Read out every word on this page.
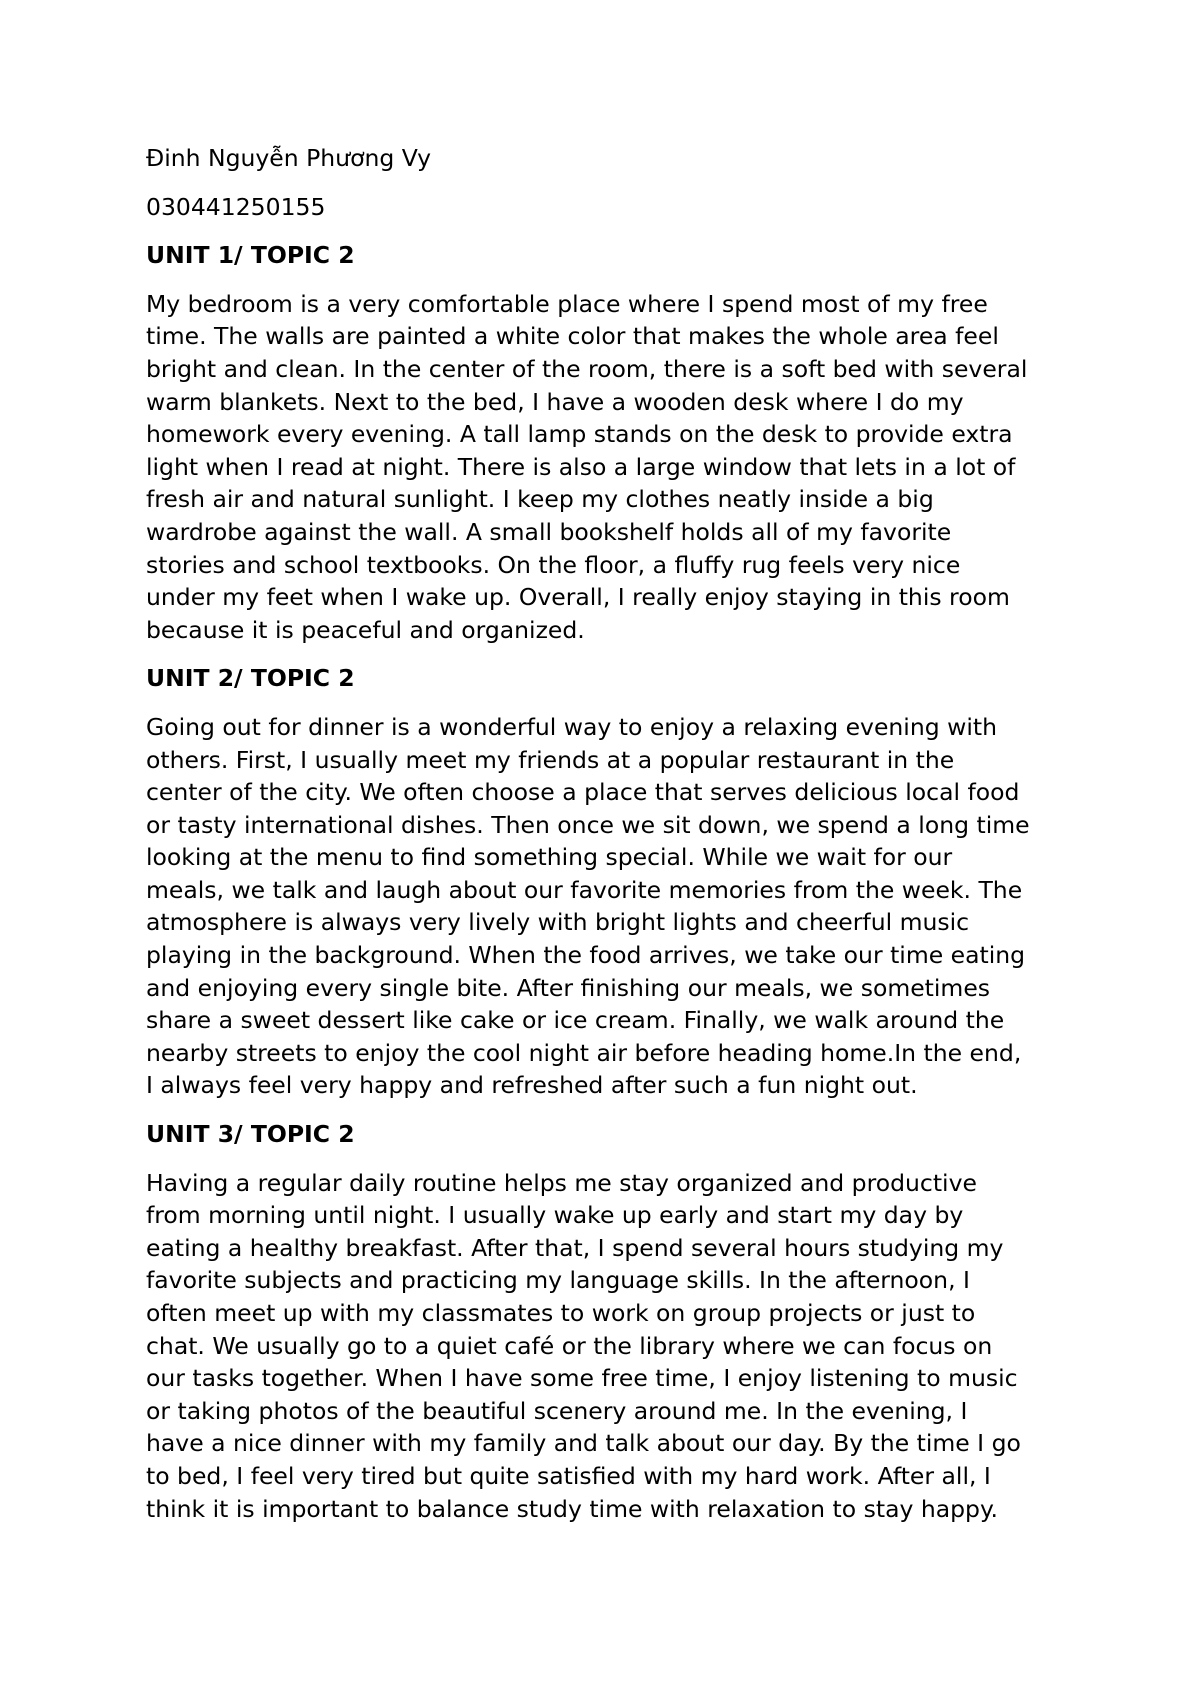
Đinh Nguyễn Phương Vy
030441250155
UNIT 1/ TOPIC 2
My bedroom is a very comfortable place where I spend most of my free
time. The walls are painted a white color that makes the whole area feel
bright and clean. In the center of the room, there is a soft bed with several
warm blankets. Next to the bed, I have a wooden desk where I do my
homework every evening. A tall lamp stands on the desk to provide extra
light when I read at night. There is also a large window that lets in a lot of
fresh air and natural sunlight. I keep my clothes neatly inside a big
wardrobe against the wall. A small bookshelf holds all of my favorite
stories and school textbooks. On the floor, a fluffy rug feels very nice
under my feet when I wake up. Overall, I really enjoy staying in this room
because it is peaceful and organized.
UNIT 2/ TOPIC 2
Going out for dinner is a wonderful way to enjoy a relaxing evening with
others. First, I usually meet my friends at a popular restaurant in the
center of the city. We often choose a place that serves delicious local food
or tasty international dishes. Then once we sit down, we spend a long time
looking at the menu to find something special. While we wait for our
meals, we talk and laugh about our favorite memories from the week. The
atmosphere is always very lively with bright lights and cheerful music
playing in the background. When the food arrives, we take our time eating
and enjoying every single bite. After finishing our meals, we sometimes
share a sweet dessert like cake or ice cream. Finally, we walk around the
nearby streets to enjoy the cool night air before heading home.In the end,
I always feel very happy and refreshed after such a fun night out.
UNIT 3/ TOPIC 2
Having a regular daily routine helps me stay organized and productive
from morning until night. I usually wake up early and start my day by
eating a healthy breakfast. After that, I spend several hours studying my
favorite subjects and practicing my language skills. In the afternoon, I
often meet up with my classmates to work on group projects or just to
chat. We usually go to a quiet café or the library where we can focus on
our tasks together. When I have some free time, I enjoy listening to music
or taking photos of the beautiful scenery around me. In the evening, I
have a nice dinner with my family and talk about our day. By the time I go
to bed, I feel very tired but quite satisfied with my hard work. After all, I
think it is important to balance study time with relaxation to stay happy.
